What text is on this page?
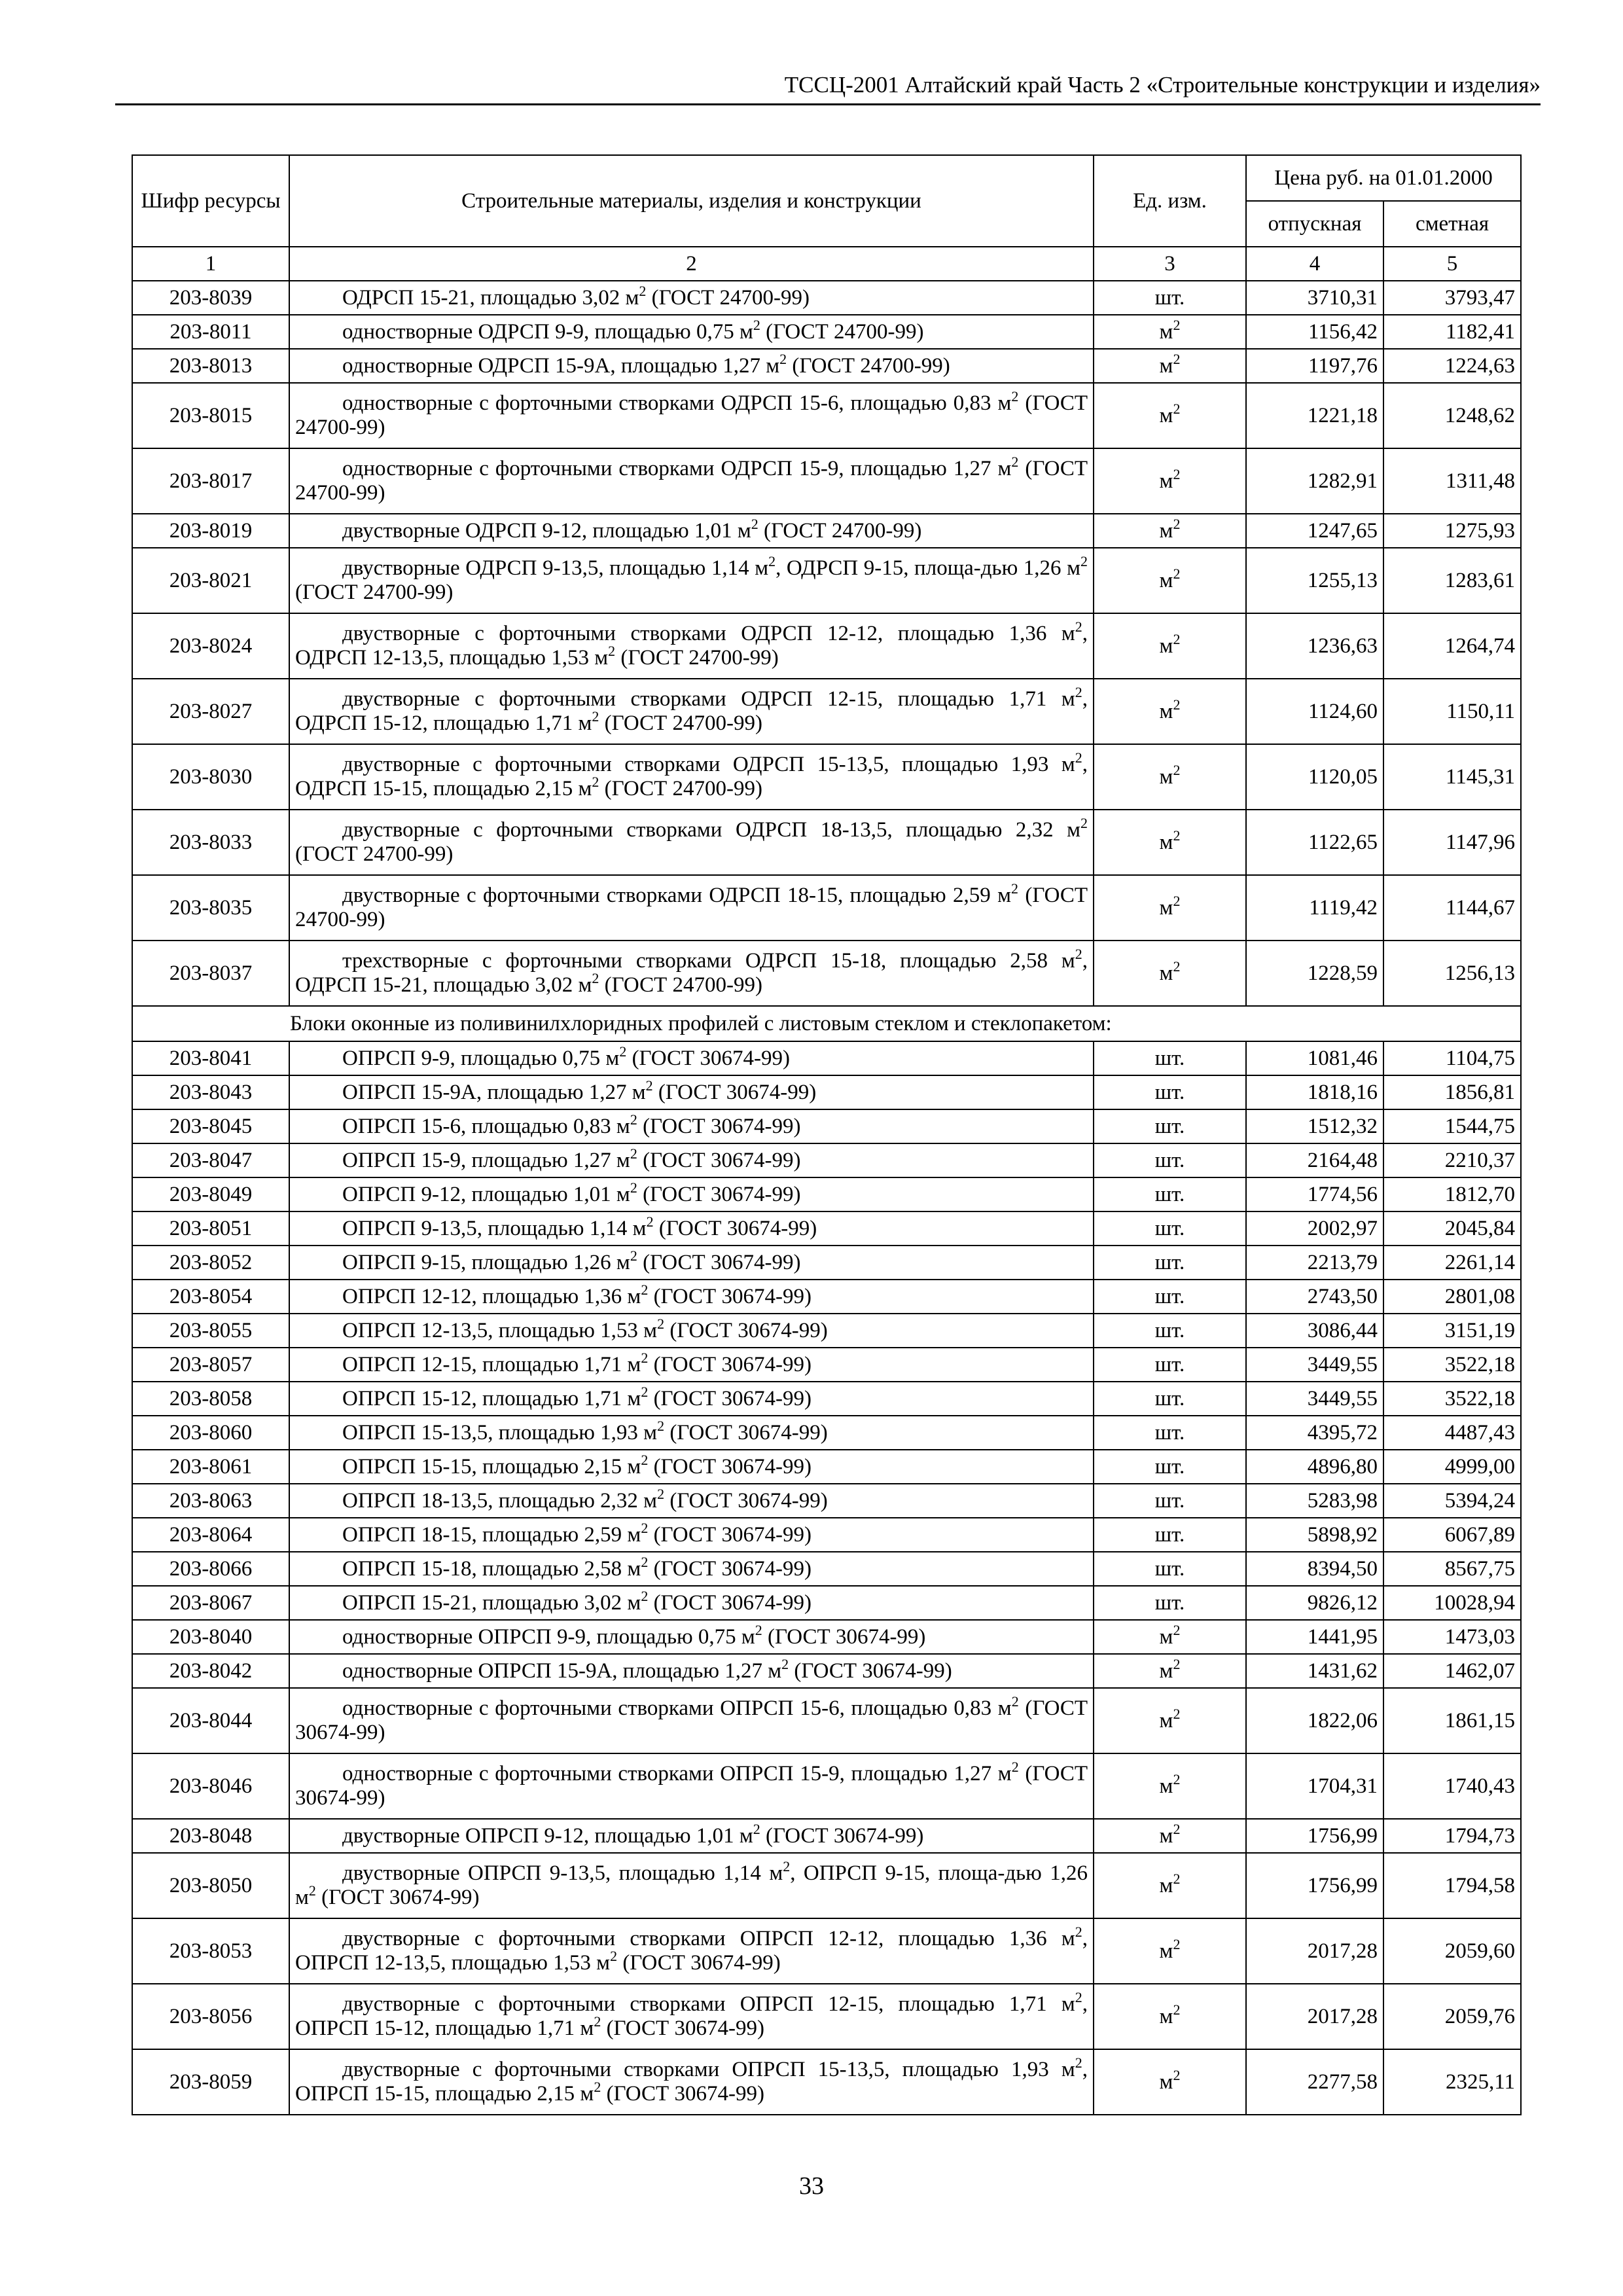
ТССЦ-2001 Алтайский край Часть 2 «Строительные конструкции и изделия»
Шифр ресурсы	Строительные материалы, изделия и конструкции	Ед. изм.	Цена руб. на 01.01.2000	
			отпускная	сметная
1	2	3	4	5
203-8039	ОДРСП 15-21, площадью 3,02 $м^2$ (ГОСТ 24700-99)	шт.	3710,31	3793,47
203-8011	одностворные ОДРСП 9-9, площадью 0,75 $м^2$ (ГОСТ 24700-99)	$м^2$	1156,42	1182,41
203-8013	одностворные ОДРСП 15-9А, площадью 1,27 $м^2$ (ГОСТ 24700-99)	$м^2$	1197,76	1224,63
203-8015	одностворные с форточными створками ОДРСП 15-6, площадью 0,83 $м^2$ (ГОСТ 24700-99)	$м^2$	1221,18	1248,62
203-8017	одностворные с форточными створками ОДРСП 15-9, площадью 1,27 $м^2$ (ГОСТ 24700-99)	$м^2$	1282,91	1311,48
203-8019	двустворные ОДРСП 9-12, площадью 1,01 $м^2$ (ГОСТ 24700-99)	$м^2$	1247,65	1275,93
203-8021	двустворные ОДРСП 9-13,5, площадью 1,14 $м^2$, ОДРСП 9-15, площа-дью 1,26 $м^2$ (ГОСТ 24700-99)	$м^2$	1255,13	1283,61
203-8024	двустворные с форточными створками ОДРСП 12-12, площадью 1,36 $м^2$, ОДРСП 12-13,5, площадью 1,53 $м^2$ (ГОСТ 24700-99)	$м^2$	1236,63	1264,74
203-8027	двустворные с форточными створками ОДРСП 12-15, площадью 1,71 $м^2$, ОДРСП 15-12, площадью 1,71 $м^2$ (ГОСТ 24700-99)	$м^2$	1124,60	1150,11
203-8030	двустворные с форточными створками ОДРСП 15-13,5, площадью 1,93 $м^2$, ОДРСП 15-15, площадью 2,15 $м^2$ (ГОСТ 24700-99)	$м^2$	1120,05	1145,31
203-8033	двустворные с форточными створками ОДРСП 18-13,5, площадью 2,32 $м^2$ (ГОСТ 24700-99)	$м^2$	1122,65	1147,96
203-8035	двустворные с форточными створками ОДРСП 18-15, площадью 2,59 $м^2$ (ГОСТ 24700-99)	$м^2$	1119,42	1144,67
203-8037	трехстворные с форточными створками ОДРСП 15-18, площадью 2,58 $м^2$, ОДРСП 15-21, площадью 3,02 $м^2$ (ГОСТ 24700-99)	$м^2$	1228,59	1256,13
Блоки оконные из поливинилхлоридных профилей с листовым стеклом и стеклопакетом:				
203-8041	ОПРСП 9-9, площадью 0,75 $м^2$ (ГОСТ 30674-99)	шт.	1081,46	1104,75
203-8043	ОПРСП 15-9А, площадью 1,27 $м^2$ (ГОСТ 30674-99)	шт.	1818,16	1856,81
203-8045	ОПРСП 15-6, площадью 0,83 $м^2$ (ГОСТ 30674-99)	шт.	1512,32	1544,75
203-8047	ОПРСП 15-9, площадью 1,27 $м^2$ (ГОСТ 30674-99)	шт.	2164,48	2210,37
203-8049	ОПРСП 9-12, площадью 1,01 $м^2$ (ГОСТ 30674-99)	шт.	1774,56	1812,70
203-8051	ОПРСП 9-13,5, площадью 1,14 $м^2$ (ГОСТ 30674-99)	шт.	2002,97	2045,84
203-8052	ОПРСП 9-15, площадью 1,26 $м^2$ (ГОСТ 30674-99)	шт.	2213,79	2261,14
203-8054	ОПРСП 12-12, площадью 1,36 $м^2$ (ГОСТ 30674-99)	шт.	2743,50	2801,08
203-8055	ОПРСП 12-13,5, площадью 1,53 $м^2$ (ГОСТ 30674-99)	шт.	3086,44	3151,19
203-8057	ОПРСП 12-15, площадью 1,71 $м^2$ (ГОСТ 30674-99)	шт.	3449,55	3522,18
203-8058	ОПРСП 15-12, площадью 1,71 $м^2$ (ГОСТ 30674-99)	шт.	3449,55	3522,18
203-8060	ОПРСП 15-13,5, площадью 1,93 $м^2$ (ГОСТ 30674-99)	шт.	4395,72	4487,43
203-8061	ОПРСП 15-15, площадью 2,15 $м^2$ (ГОСТ 30674-99)	шт.	4896,80	4999,00
203-8063	ОПРСП 18-13,5, площадью 2,32 $м^2$ (ГОСТ 30674-99)	шт.	5283,98	5394,24
203-8064	ОПРСП 18-15, площадью 2,59 $м^2$ (ГОСТ 30674-99)	шт.	5898,92	6067,89
203-8066	ОПРСП 15-18, площадью 2,58 $м^2$ (ГОСТ 30674-99)	шт.	8394,50	8567,75
203-8067	ОПРСП 15-21, площадью 3,02 $м^2$ (ГОСТ 30674-99)	шт.	9826,12	10028,94
203-8040	одностворные ОПРСП 9-9, площадью 0,75 $м^2$ (ГОСТ 30674-99)	$м^2$	1441,95	1473,03
203-8042	одностворные ОПРСП 15-9А, площадью 1,27 $м^2$ (ГОСТ 30674-99)	$м^2$	1431,62	1462,07
203-8044	одностворные с форточными створками ОПРСП 15-6, площадью 0,83 $м^2$ (ГОСТ 30674-99)	$м^2$	1822,06	1861,15
203-8046	одностворные с форточными створками ОПРСП 15-9, площадью 1,27 $м^2$ (ГОСТ 30674-99)	$м^2$	1704,31	1740,43
203-8048	двустворные ОПРСП 9-12, площадью 1,01 $м^2$ (ГОСТ 30674-99)	$м^2$	1756,99	1794,73
203-8050	двустворные ОПРСП 9-13,5, площадью 1,14 $м^2$, ОПРСП 9-15, площа-дью 1,26 $м^2$ (ГОСТ 30674-99)	$м^2$	1756,99	1794,58
203-8053	двустворные с форточными створками ОПРСП 12-12, площадью 1,36 $м^2$, ОПРСП 12-13,5, площадью 1,53 $м^2$ (ГОСТ 30674-99)	$м^2$	2017,28	2059,60
203-8056	двустворные с форточными створками ОПРСП 12-15, площадью 1,71 $м^2$, ОПРСП 15-12, площадью 1,71 $м^2$ (ГОСТ 30674-99)	$м^2$	2017,28	2059,76
203-8059	двустворные с форточными створками ОПРСП 15-13,5, площадью 1,93 $м^2$, ОПРСП 15-15, площадью 2,15 $м^2$ (ГОСТ 30674-99)	$м^2$	2277,58	2325,11
33
